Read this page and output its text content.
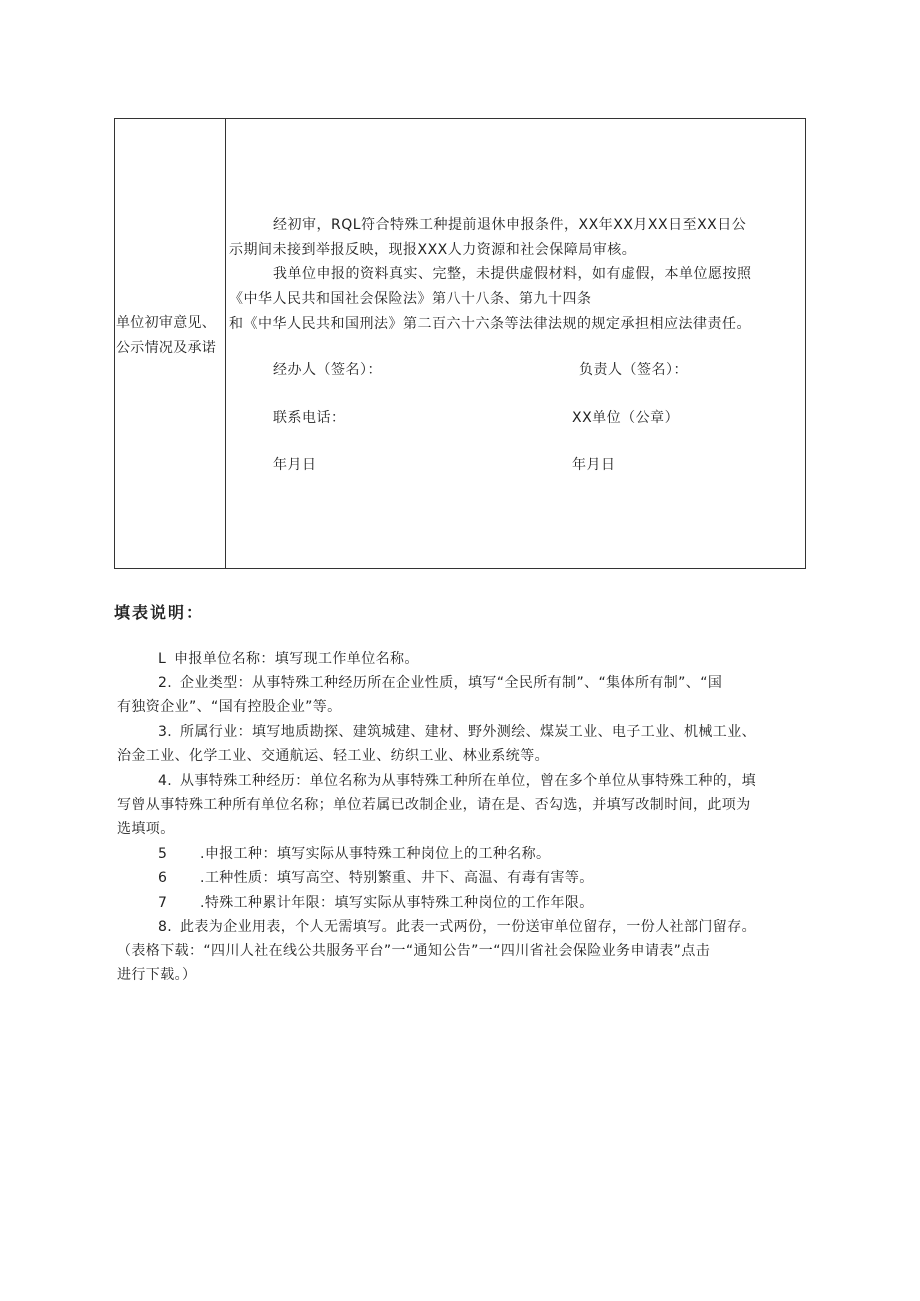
单位初审意见、
公示情况及承诺
经初审，RQL符合特殊工种提前退休申报条件，XX年XX月XX日至XX日公
示期间未接到举报反映，现报XXX人力资源和社会保障局审核。
我单位申报的资料真实、完整，未提供虚假材料，如有虚假，本单位愿按照
《中华人民共和国社会保险法》第八十八条、第九十四条
和《中华人民共和国刑法》第二百六十六条等法律法规的规定承担相应法律责任。
经办人（签名）：	负责人（签名）：
联系电话：	XX单位（公章）
年月日	年月日
填表说明：
L 申报单位名称：填写现工作单位名称。
2. 企业类型：从事特殊工种经历所在企业性质，填写“全民所有制”、“集体所有制”、“国
有独资企业”、“国有控股企业”等。
3. 所属行业：填写地质勘探、建筑城建、建材、野外测绘、煤炭工业、电子工业、机械工业、
治金工业、化学工业、交通航运、轻工业、纺织工业、林业系统等。
4. 从事特殊工种经历：单位名称为从事特殊工种所在单位，曾在多个单位从事特殊工种的，填
写曾从事特殊工种所有单位名称；单位若属已改制企业，请在是、否勾选，并填写改制时间，此项为
选填项。
5 .申报工种：填写实际从事特殊工种岗位上的工种名称。
6 .工种性质：填写高空、特别繁重、井下、高温、有毒有害等。
7 .特殊工种累计年限：填写实际从事特殊工种岗位的工作年限。
8. 此表为企业用表，个人无需填写。此表一式两份，一份送审单位留存，一份人社部门留存。
（表格下载：“四川人社在线公共服务平台”一“通知公告”一“四川省社会保险业务申请表”点击
进行下载。）
